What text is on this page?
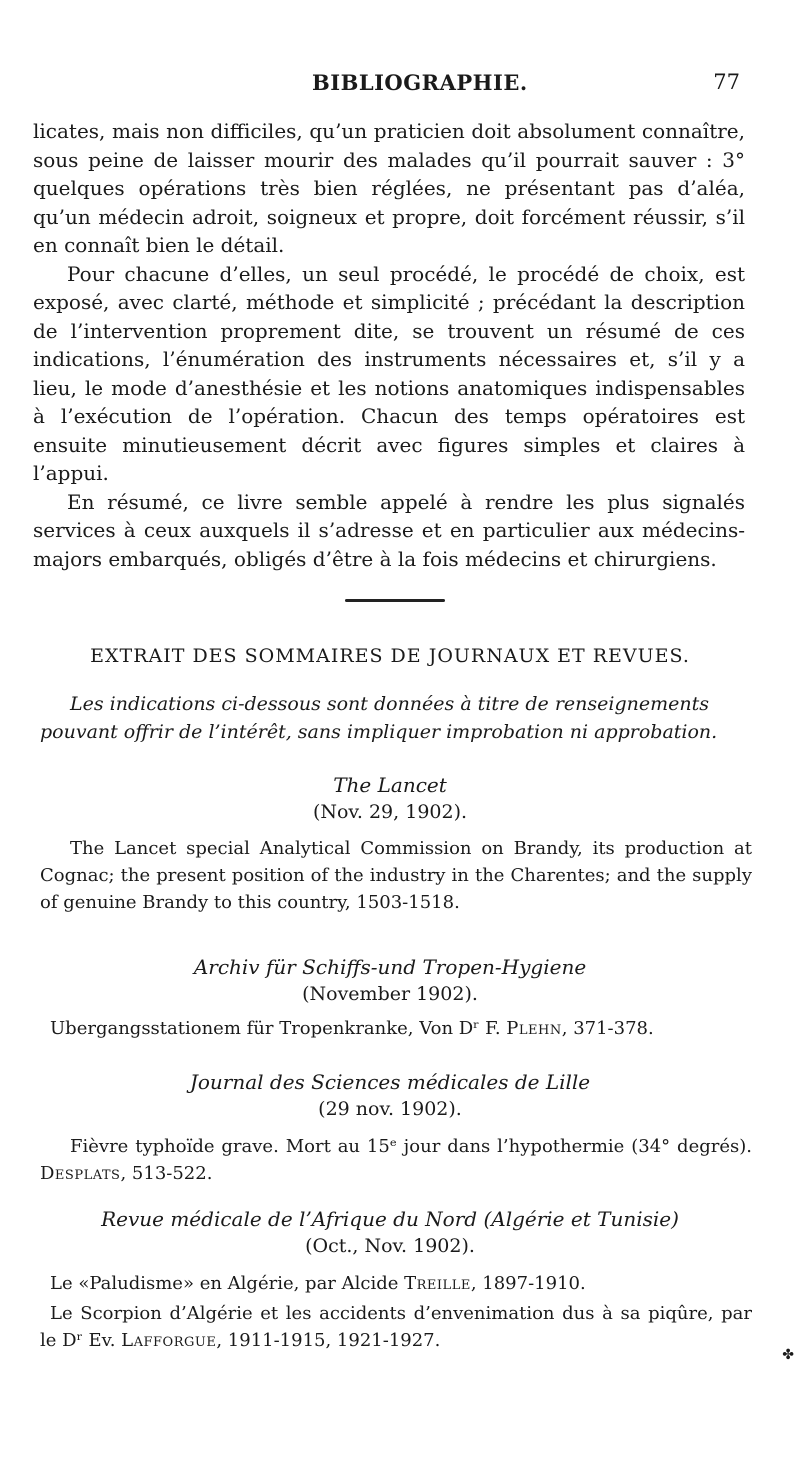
BIBLIOGRAPHIE.	77

licates, mais non difficiles, qu’un praticien doit absolument connaître, sous peine de laisser mourir des malades qu’il pourrait sauver : 3° quelques opérations très bien réglées, ne présentant pas d’aléa, qu’un médecin adroit, soigneux et propre, doit forcément réussir, s’il en connaît bien le détail.

Pour chacune d’elles, un seul procédé, le procédé de choix, est exposé, avec clarté, méthode et simplicité ; précédant la description de l’intervention proprement dite, se trouvent un résumé de ces indications, l’énumération des instruments nécessaires et, s’il y a lieu, le mode d’anesthésie et les notions anatomiques indispensables à l’exécution de l’opération. Chacun des temps opératoires est ensuite minutieusement décrit avec figures simples et claires à l’appui.

En résumé, ce livre semble appelé à rendre les plus signalés services à ceux auxquels il s’adresse et en particulier aux médecins-majors embarqués, obligés d’être à la fois médecins et chirurgiens.

EXTRAIT DES SOMMAIRES DE JOURNAUX ET REVUES.
Les indications ci-dessous sont données à titre de renseignements pouvant offrir de l’intérêt, sans impliquer improbation ni approbation.
The Lancet
(Nov. 29, 1902).
The Lancet special Analytical Commission on Brandy, its production at Cognac; the present position of the industry in the Charentes; and the supply of genuine Brandy to this country, 1503-1518.
Archiv für Schiffs-und Tropen-Hygiene
(November 1902).
Ubergangsstationem für Tropenkranke, Von Dʳ F. Plehn, 371-378.
Journal des Sciences médicales de Lille
(29 nov. 1902).
Fièvre typhoïde grave. Mort au 15ᵉ jour dans l’hypothermie (34° degrés). Desplats, 513-522.
Revue médicale de l’Afrique du Nord (Algérie et Tunisie)
(Oct., Nov. 1902).
Le «Paludisme» en Algérie, par Alcide Treille, 1897-1910.
Le Scorpion d’Algérie et les accidents d’envenimation dus à sa piqûre, par le Dʳ Ev. Lafforgue, 1911-1915, 1921-1927.
✤
